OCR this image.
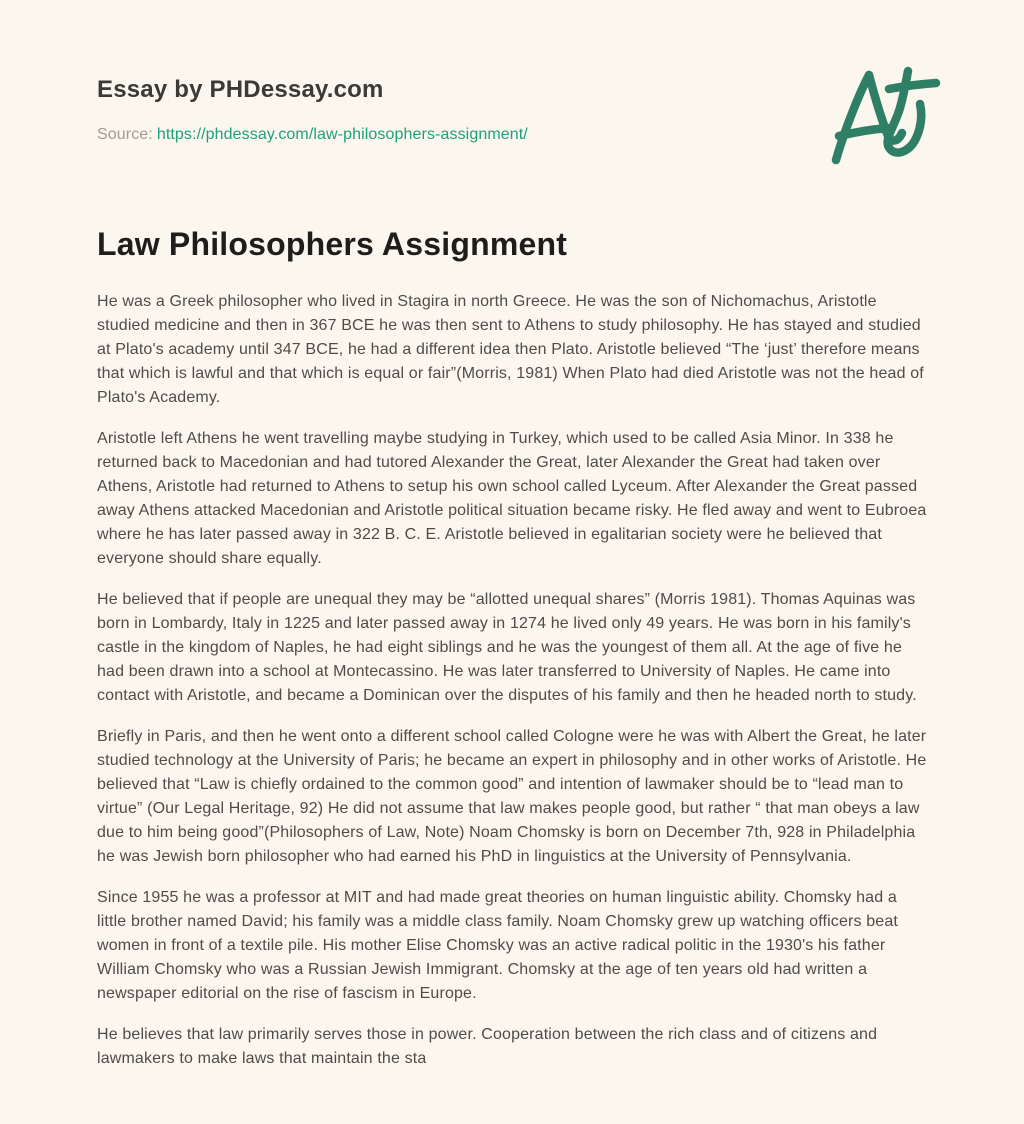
Essay by PHDessay.com
Source: https://phdessay.com/law-philosophers-assignment/
Law Philosophers Assignment

He was a Greek philosopher who lived in Stagira in north Greece. He was the son of Nichomachus, Aristotle studied medicine and then in 367 BCE he was then sent to Athens to study philosophy. He has stayed and studied at Plato's academy until 347 BCE, he had a different idea then Plato. Aristotle believed “The ‘just’ therefore means that which is lawful and that which is equal or fair”(Morris, 1981) When Plato had died Aristotle was not the head of Plato's Academy.

Aristotle left Athens he went travelling maybe studying in Turkey, which used to be called Asia Minor. In 338 he returned back to Macedonian and had tutored Alexander the Great, later Alexander the Great had taken over Athens, Aristotle had returned to Athens to setup his own school called Lyceum. After Alexander the Great passed away Athens attacked Macedonian and Aristotle political situation became risky. He fled away and went to Eubroea where he has later passed away in 322 B. C. E. Aristotle believed in egalitarian society were he believed that everyone should share equally.

He believed that if people are unequal they may be “allotted unequal shares” (Morris 1981). Thomas Aquinas was born in Lombardy, Italy in 1225 and later passed away in 1274 he lived only 49 years. He was born in his family's castle in the kingdom of Naples, he had eight siblings and he was the youngest of them all. At the age of five he had been drawn into a school at Montecassino. He was later transferred to University of Naples. He came into contact with Aristotle, and became a Dominican over the disputes of his family and then he headed north to study.

Briefly in Paris, and then he went onto a different school called Cologne were he was with Albert the Great, he later studied technology at the University of Paris; he became an expert in philosophy and in other works of Aristotle. He believed that “Law is chiefly ordained to the common good” and intention of lawmaker should be to “lead man to virtue” (Our Legal Heritage, 92) He did not assume that law makes people good, but rather “ that man obeys a law due to him being good”(Philosophers of Law, Note) Noam Chomsky is born on December 7th, 928 in Philadelphia he was Jewish born philosopher who had earned his PhD in linguistics at the University of Pennsylvania.

Since 1955 he was a professor at MIT and had made great theories on human linguistic ability. Chomsky had a little brother named David; his family was a middle class family. Noam Chomsky grew up watching officers beat women in front of a textile pile. His mother Elise Chomsky was an active radical politic in the 1930's his father William Chomsky who was a Russian Jewish Immigrant. Chomsky at the age of ten years old had written a newspaper editorial on the rise of fascism in Europe.

He believes that law primarily serves those in power. Cooperation between the rich class and of citizens and lawmakers to make laws that maintain the sta
